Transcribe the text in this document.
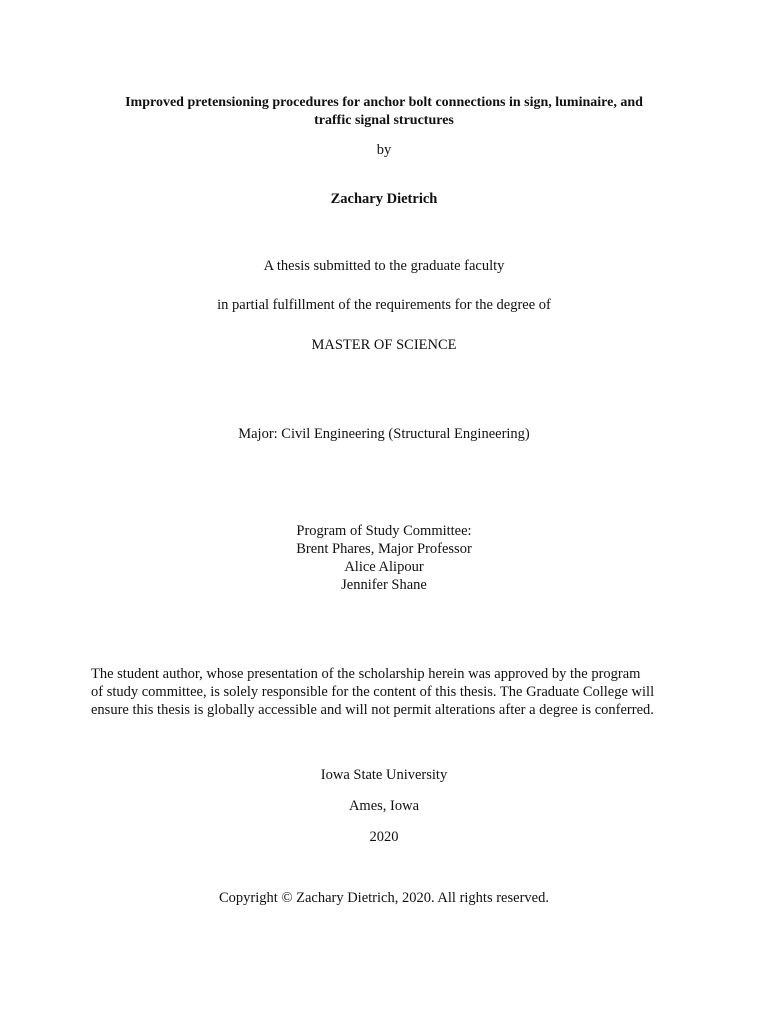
Improved pretensioning procedures for anchor bolt connections in sign, luminaire, and
traffic signal structures
by
Zachary Dietrich
A thesis submitted to the graduate faculty
in partial fulfillment of the requirements for the degree of
MASTER OF SCIENCE
Major: Civil Engineering (Structural Engineering)
Program of Study Committee:
Brent Phares, Major Professor
Alice Alipour
Jennifer Shane
The student author, whose presentation of the scholarship herein was approved by the program
of study committee, is solely responsible for the content of this thesis. The Graduate College will
ensure this thesis is globally accessible and will not permit alterations after a degree is conferred.
Iowa State University
Ames, Iowa
2020
Copyright © Zachary Dietrich, 2020. All rights reserved.
